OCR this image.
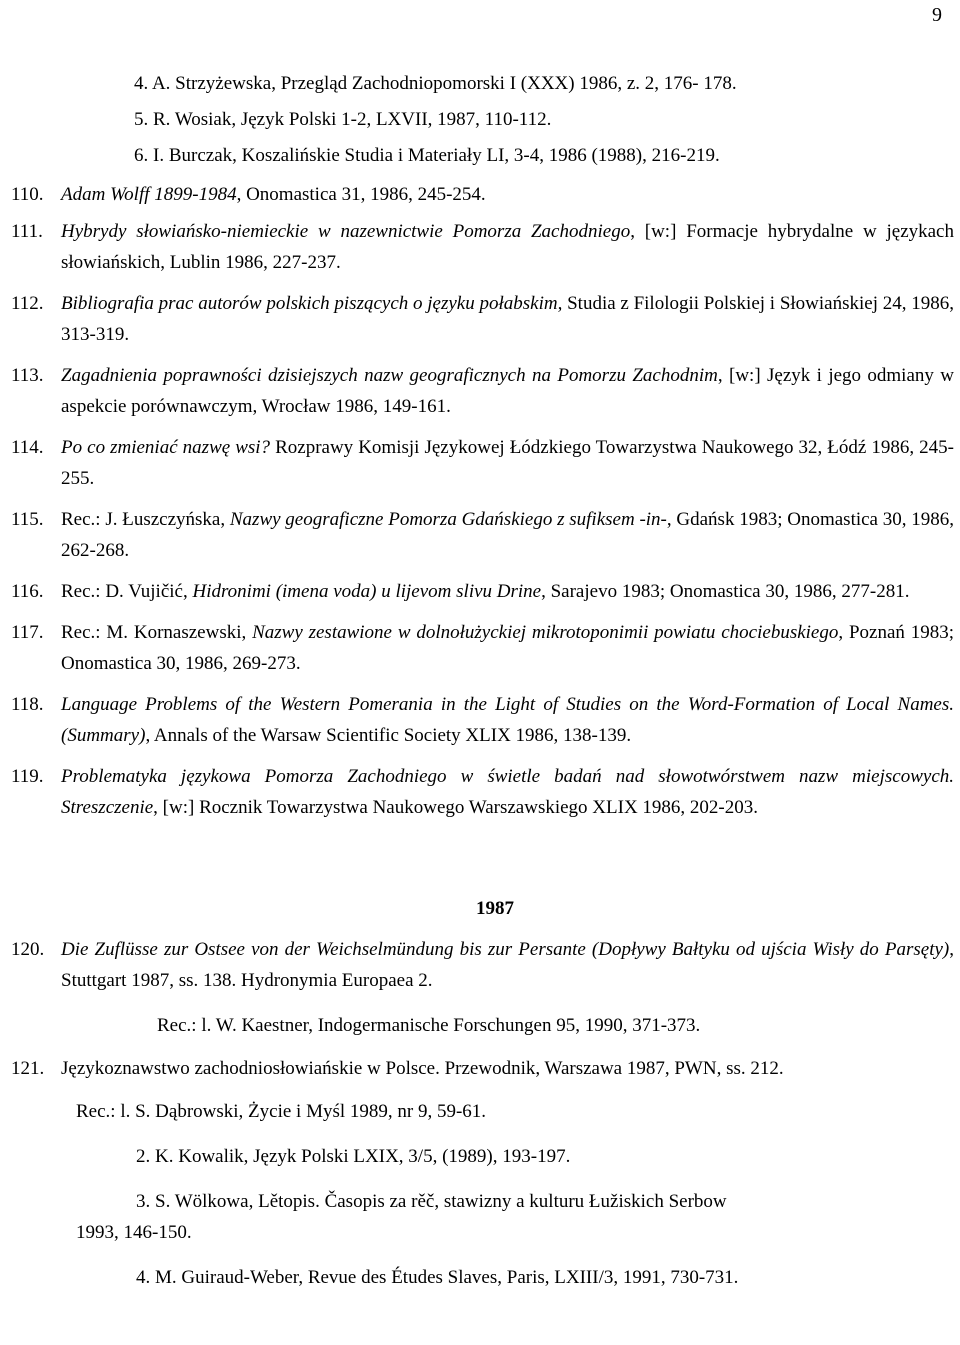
9
4. A. Strzyżewska, Przegląd Zachodniopomorski I (XXX) 1986, z. 2, 176- 178.
5. R. Wosiak, Język Polski 1-2, LXVII, 1987, 110-112.
6. I. Burczak, Koszalińskie Studia i Materiały LI, 3-4, 1986 (1988), 216-219.
110. Adam Wolff 1899-1984, Onomastica 31, 1986, 245-254.
111. Hybrydy słowiańsko-niemieckie w nazewnictwie Pomorza Zachodniego, [w:] Formacje hybrydalne w językach słowiańskich, Lublin 1986, 227-237.
112. Bibliografia prac autorów polskich piszących o języku połabskim, Studia z Filologii Polskiej i Słowiańskiej 24, 1986, 313-319.
113. Zagadnienia poprawności dzisiejszych nazw geograficznych na Pomorzu Zachodnim, [w:] Język i jego odmiany w aspekcie porównawczym, Wrocław 1986, 149-161.
114. Po co zmieniać nazwę wsi? Rozprawy Komisji Językowej Łódzkiego Towarzystwa Naukowego 32, Łódź 1986, 245-255.
115. Rec.: J. Łuszczyńska, Nazwy geograficzne Pomorza Gdańskiego z sufiksem -in-, Gdańsk 1983; Onomastica 30, 1986, 262-268.
116. Rec.: D. Vujičić, Hidronimi (imena voda) u lijevom slivu Drine, Sarajevo 1983; Onomastica 30, 1986, 277-281.
117. Rec.: M. Kornaszewski, Nazwy zestawione w dolnołużyckiej mikrotoponimii powiatu chociebuskiego, Poznań 1983; Onomastica 30, 1986, 269-273.
118. Language Problems of the Western Pomerania in the Light of Studies on the Word-Formation of Local Names. (Summary), Annals of the Warsaw Scientific Society XLIX 1986, 138-139.
119. Problematyka językowa Pomorza Zachodniego w świetle badań nad słowotwórstwem nazw miejscowych. Streszczenie, [w:] Rocznik Towarzystwa Naukowego Warszawskiego XLIX 1986, 202-203.
1987
120. Die Zuflüsse zur Ostsee von der Weichselmündung bis zur Persante (Dopływy Bałtyku od ujścia Wisły do Parsęty), Stuttgart 1987, ss. 138. Hydronymia Europaea 2.
Rec.: l. W. Kaestner, Indogermanische Forschungen 95, 1990, 371-373.
121. Językoznawstwo zachodniosłowiańskie w Polsce. Przewodnik, Warszawa 1987, PWN, ss. 212.
Rec.: l. S. Dąbrowski, Życie i Myśl 1989, nr 9, 59-61.
2. K. Kowalik, Język Polski LXIX, 3/5, (1989), 193-197.
3. S. Wölkowa, Lětopis. Časopis za rěč, stawizny a kulturu Łužiskich Serbow
1993, 146-150.
4. M. Guiraud-Weber, Revue des Études Slaves, Paris, LXIII/3, 1991, 730-731.
